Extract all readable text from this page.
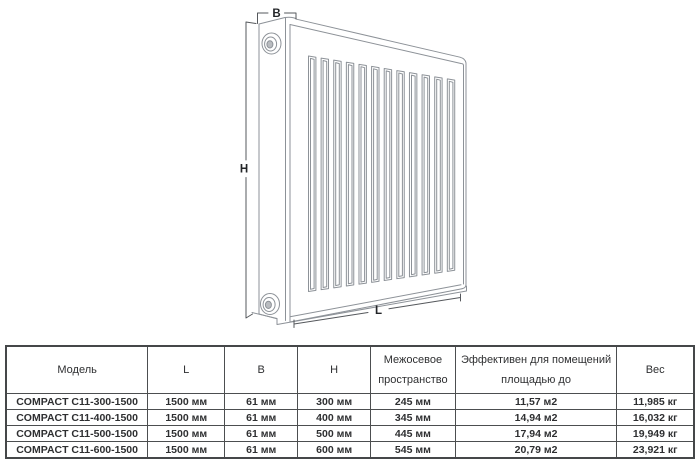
B
H
L
Модель	L	B	H	Межосевое пространство	Эффективен для помещений площадью до	Вес
COMPACT C11-300-1500	1500 мм	61 мм	300 мм	245 мм	11,57 м2	11,985 кг
COMPACT C11-400-1500	1500 мм	61 мм	400 мм	345 мм	14,94 м2	16,032 кг
COMPACT C11-500-1500	1500 мм	61 мм	500 мм	445 мм	17,94 м2	19,949 кг
COMPACT C11-600-1500	1500 мм	61 мм	600 мм	545 мм	20,79 м2	23,921 кг
